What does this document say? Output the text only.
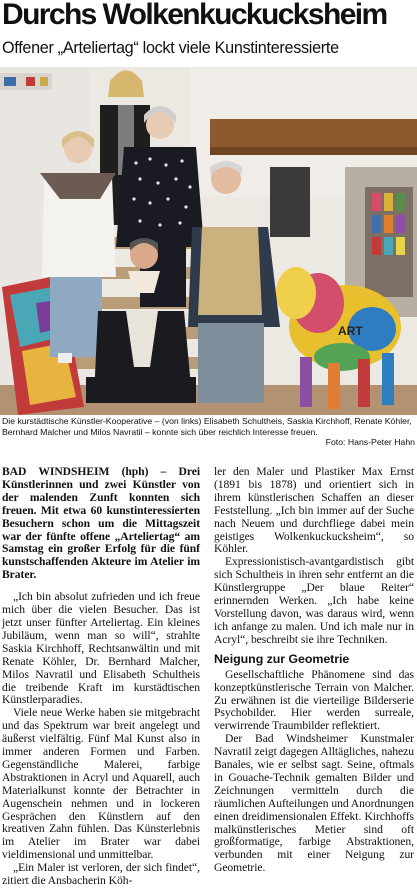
Durchs Wolkenkuckucksheim

Offener „Arteliertag“ lockt viele Kunstinteressierte

ART

Die kurstädtische Künstler-Kooperative – (von links) Elisabeth Schultheis, Saskia Kirchhoff, Renate Köhler, Bernhard Malcher und Milos Navratil – konnte sich über reichlich Interesse freuen.

Foto: Hans-Peter Hahn

BAD WINDSHEIM (hph) – Drei Künstlerinnen und zwei Künstler von der malenden Zunft konnten sich freuen. Mit etwa 60 kunstinteressierten Besuchern schon um die Mittagszeit war der fünfte offene „Arteliertag“ am Samstag ein großer Erfolg für die fünf kunstschaffenden Akteure im Atelier im Brater.

„Ich bin absolut zufrieden und ich freue mich über die vielen Besucher. Das ist jetzt unser fünfter Arteliertag. Ein kleines Jubiläum, wenn man so will“, strahlte Saskia Kirchhoff, Rechtsanwältin und mit Renate Köhler, Dr. Bernhard Malcher, Milos Navratil und Elisabeth Schultheis die treibende Kraft im kurstädtischen Künstlerparadies.

Viele neue Werke haben sie mitgebracht und das Spektrum war breit angelegt und äußerst vielfältig. Fünf Mal Kunst also in immer anderen Formen und Farben. Gegenständliche Malerei, farbige Abstraktionen in Acryl und Aquarell, auch Materialkunst konnte der Betrachter in Augenschein nehmen und in lockeren Gesprächen den Künstlern auf den kreativen Zahn fühlen. Das Künsterlebnis im Atelier im Brater war dabei vieldimensional und unmittelbar.

„Ein Maler ist verloren, der sich findet“, zitiert die Ansbacherin Köh-

ler den Maler und Plastiker Max Ernst (1891 bis 1878) und orientiert sich in ihrem künstlerischen Schaffen an dieser Feststellung. „Ich bin immer auf der Suche nach Neuem und durchfliege dabei mein geistiges Wolkenkuckucksheim“, so Köhler.

Expressionistisch-avantgardistisch gibt sich Schultheis in ihren sehr entfernt an die Künstlergruppe „Der blaue Reiter“ erinnernden Werken. „Ich habe keine Vorstellung davon, was daraus wird, wenn ich anfange zu malen. Und ich male nur in Acryl“, beschreibt sie ihre Techniken.

Neigung zur Geometrie

Gesellschaftliche Phänomene sind das konzeptkünstlerische Terrain von Malcher. Zu erwähnen ist die vierteilige Bilderserie Psychobilder. Hier werden surreale, verwirrende Traumbilder reflektiert.

Der Bad Windsheimer Kunstmaler Navratil zeigt dagegen Alltägliches, nahezu Banales, wie er selbst sagt. Seine, oftmals in Gouache-Technik gemalten Bilder und Zeichnungen vermitteln durch die räumlichen Aufteilungen und Anordnungen einen dreidimensionalen Effekt. Kirchhoffs malkünstlerisches Metier sind oft großformatige, farbige Abstraktionen, verbunden mit einer Neigung zur Geometrie.
